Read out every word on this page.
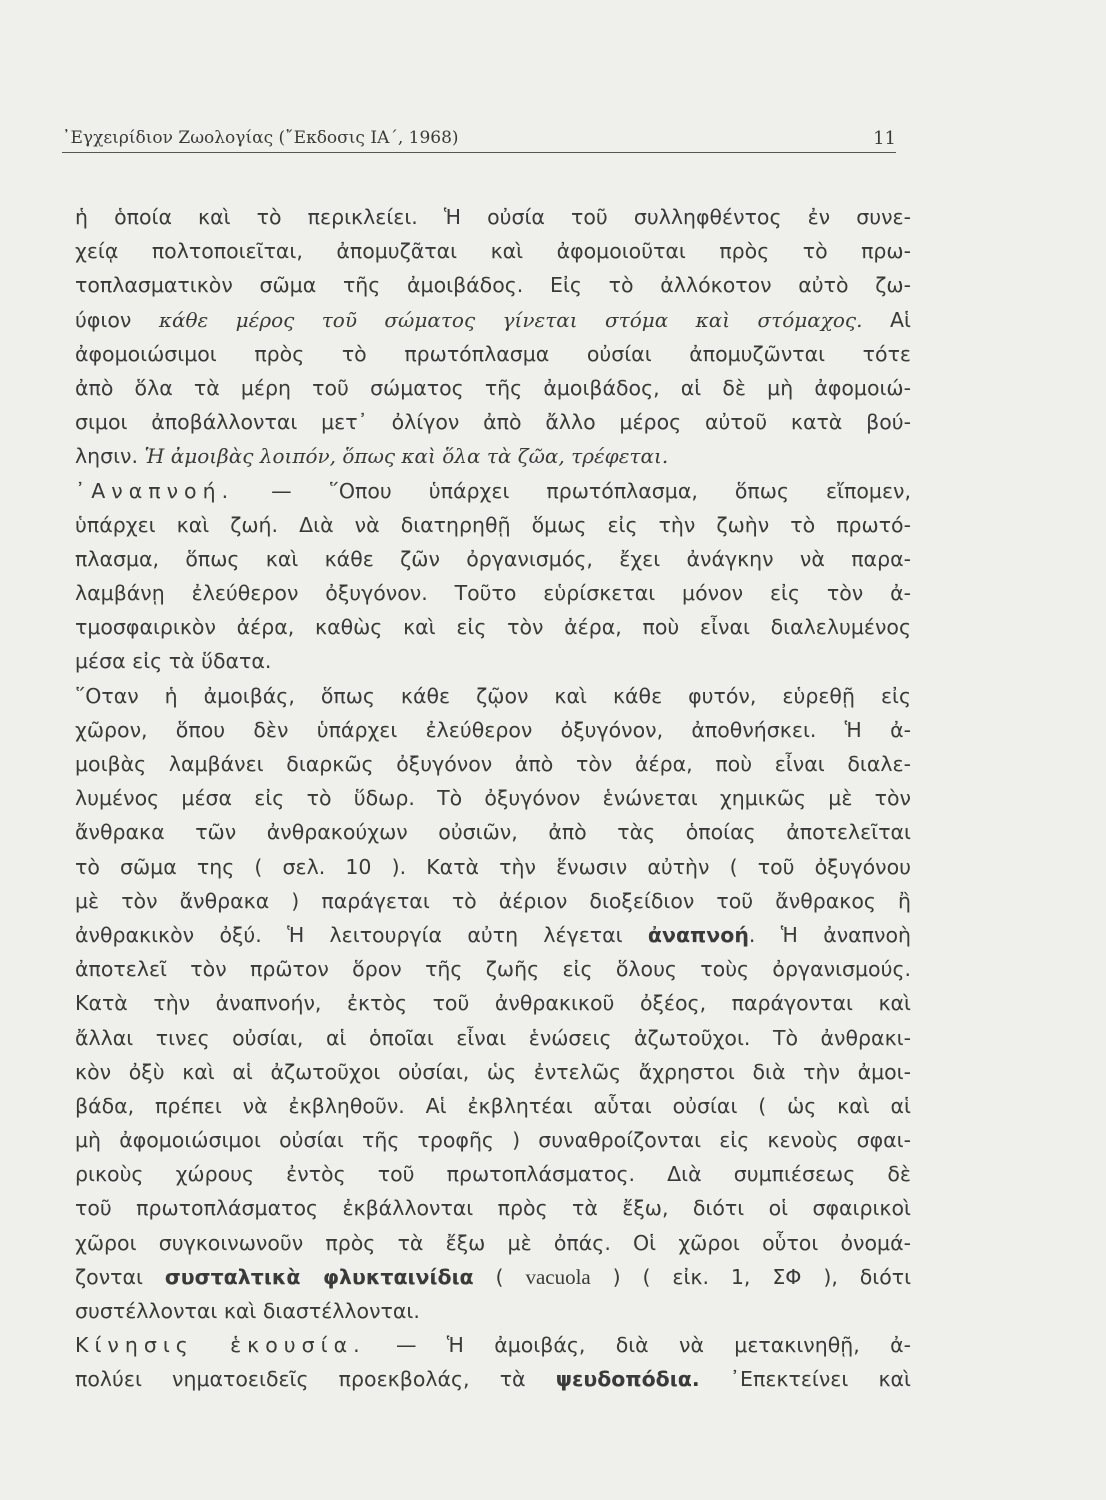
᾽Εγχειρίδιον Ζωολογίας (῎Εκδοσις ΙΑ΄, 1968)	11
ἡ ὁποία καὶ τὸ περικλείει. Ἡ οὐσία τοῦ συλληφθέντος ἐν συνε-
χείᾳ πολτοποιεῖται, ἀπομυζᾶται καὶ ἀφομοιοῦται πρὸς τὸ πρω-
τοπλασματικὸν σῶμα τῆς ἀμοιβάδος. Εἰς τὸ ἀλλόκοτον αὐτὸ ζω-
ύφιον κάθε μέρος τοῦ σώματος γίνεται στόμα καὶ στόμαχος. Αἱ
ἀφομοιώσιμοι πρὸς τὸ πρωτόπλασμα οὐσίαι ἀπομυζῶνται τότε
ἀπὸ ὅλα τὰ μέρη τοῦ σώματος τῆς ἀμοιβάδος, αἱ δὲ μὴ ἀφομοιώ-
σιμοι ἀποβάλλονται μετ᾽ ὀλίγον ἀπὸ ἄλλο μέρος αὐτοῦ κατὰ βού-
λησιν. Ἡ ἀμοιβὰς λοιπόν, ὅπως καὶ ὅλα τὰ ζῶα, τρέφεται.
᾽Αναπνοή. — ῞Οπου ὑπάρχει πρωτόπλασμα, ὅπως εἴπομεν,
ὑπάρχει καὶ ζωή. Διὰ νὰ διατηρηθῇ ὅμως εἰς τὴν ζωὴν τὸ πρωτό-
πλασμα, ὅπως καὶ κάθε ζῶν ὀργανισμός, ἔχει ἀνάγκην νὰ παρα-
λαμβάνῃ ἐλεύθερον ὀξυγόνον. Τοῦτο εὑρίσκεται μόνον εἰς τὸν ἀ-
τμοσφαιρικὸν ἀέρα, καθὼς καὶ εἰς τὸν ἀέρα, ποὺ εἶναι διαλελυμένος
μέσα εἰς τὰ ὕδατα.
῞Οταν ἡ ἀμοιβάς, ὅπως κάθε ζῷον καὶ κάθε φυτόν, εὑρεθῇ εἰς
χῶρον, ὅπου δὲν ὑπάρχει ἐλεύθερον ὀξυγόνον, ἀποθνήσκει. Ἡ ἀ-
μοιβὰς λαμβάνει διαρκῶς ὀξυγόνον ἀπὸ τὸν ἀέρα, ποὺ εἶναι διαλε-
λυμένος μέσα εἰς τὸ ὕδωρ. Τὸ ὀξυγόνον ἑνώνεται χημικῶς μὲ τὸν
ἄνθρακα τῶν ἀνθρακούχων οὐσιῶν, ἀπὸ τὰς ὁποίας ἀποτελεῖται
τὸ σῶμα της ( σελ. 10 ). Κατὰ τὴν ἕνωσιν αὐτὴν ( τοῦ ὀξυγόνου
μὲ τὸν ἄνθρακα ) παράγεται τὸ ἀέριον διοξείδιον τοῦ ἄνθρακος ἢ
ἀνθρακικὸν ὀξύ. Ἡ λειτουργία αὐτη λέγεται ἀναπνοή. Ἡ ἀναπνοὴ
ἀποτελεῖ τὸν πρῶτον ὅρον τῆς ζωῆς εἰς ὅλους τοὺς ὀργανισμούς.
Κατὰ τὴν ἀναπνοήν, ἐκτὸς τοῦ ἀνθρακικοῦ ὀξέος, παράγονται καὶ
ἄλλαι τινες οὐσίαι, αἱ ὁποῖαι εἶναι ἑνώσεις ἀζωτοῦχοι. Τὸ ἀνθρακι-
κὸν ὀξὺ καὶ αἱ ἀζωτοῦχοι οὐσίαι, ὡς ἐντελῶς ἄχρηστοι διὰ τὴν ἀμοι-
βάδα, πρέπει νὰ ἐκβληθοῦν. Αἱ ἐκβλητέαι αὗται οὐσίαι ( ὡς καὶ αἱ
μὴ ἀφομοιώσιμοι οὐσίαι τῆς τροφῆς ) συναθροίζονται εἰς κενοὺς σφαι-
ρικοὺς χώρους ἐντὸς τοῦ πρωτοπλάσματος. Διὰ συμπιέσεως δὲ
τοῦ πρωτοπλάσματος ἐκβάλλονται πρὸς τὰ ἔξω, διότι οἱ σφαιρικοὶ
χῶροι συγκοινωνοῦν πρὸς τὰ ἔξω μὲ ὀπάς. Οἱ χῶροι οὗτοι ὀνομά-
ζονται συσταλτικὰ φλυκταινίδια ( vacuola ) ( εἰκ. 1, ΣΦ ), διότι
συστέλλονται καὶ διαστέλλονται.
Κίνησις ἑκουσία. — Ἡ ἀμοιβάς, διὰ νὰ μετακινηθῇ, ἀ-
πολύει νηματοειδεῖς προεκβολάς, τὰ ψευδοπόδια. ᾽Επεκτείνει καὶ
